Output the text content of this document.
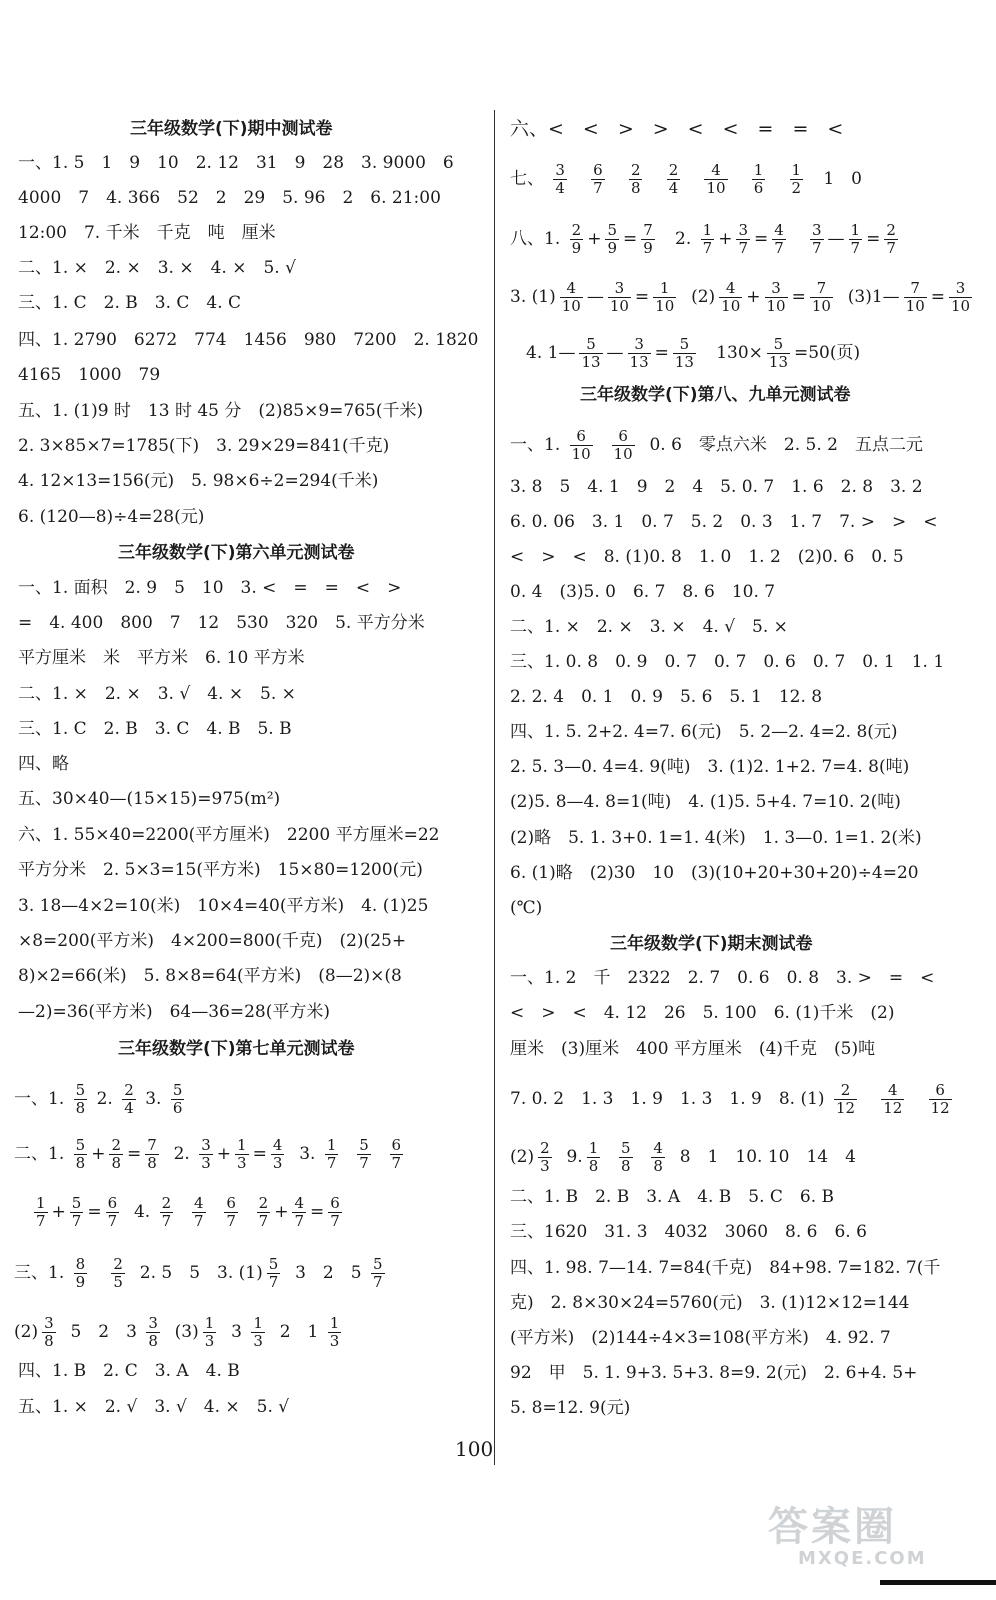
三年级数学(下)期中测试卷
一、1. 5　1　9　10　2. 12　31　9　28　3. 9000　6
4000　7　4. 366　52　2　29　5. 96　2　6. 21:00
12:00　7. 千米　千克　吨　厘米
二、1. ×　2. ×　3. ×　4. ×　5. √
三、1. C　2. B　3. C　4. C
四、1. 2790　6272　774　1456　980　7200　2. 1820
4165　1000　79
五、1. (1)9 时　13 时 45 分　(2)85×9=765(千米)
2. 3×85×7=1785(下)　3. 29×29=841(千克)
4. 12×13=156(元)　5. 98×6÷2=294(千米)
6. (120—8)÷4=28(元)
三年级数学(下)第六单元测试卷
一、1. 面积　2. 9　5　10　3. <　=　=　<　>
=　4. 400　800　7　12　530　320　5. 平方分米
平方厘米　米　平方米　6. 10 平方米
二、1. ×　2. ×　3. √　4. ×　5. ×
三、1. C　2. B　3. C　4. B　5. B
四、略
五、30×40—(15×15)=975(m²)
六、1. 55×40=2200(平方厘米)　2200 平方厘米=22
平方分米　2. 5×3=15(平方米)　15×80=1200(元)
3. 18—4×2=10(米)　10×4=40(平方米)　4. (1)25
×8=200(平方米)　4×200=800(千克)　(2)(25+
8)×2=66(米)　5. 8×8=64(平方米)　(8—2)×(8
—2)=36(平方米)　64—36=28(平方米)
三年级数学(下)第七单元测试卷
一、1. $\frac{5}{8} 2$. $\frac{2}{4} 3$. $\frac{5}{6}$
二、1. $\frac{5}{8} + \frac{2}{8} = \frac{7}{8} 2$. $\frac{3}{3} + \frac{1}{3} = \frac{4}{3} 3$. $\frac{1}{7}$
$\frac{5}{7}$
$\frac{6}{7}$
$\frac{1}{7} + \frac{5}{7} = \frac{6}{7} 4$. $\frac{2}{7}$
$\frac{4}{7}$
$\frac{6}{7}$
$\frac{2}{7} + \frac{4}{7} = \frac{6}{7}$
三、1. $\frac{8}{9}$
$\frac{2}{5} 2$. 5　5　3. $(1) \frac{5}{7} 3$　2　$5 \frac{5}{7}$
$(2) \frac{3}{8} 5$　2　$3 \frac{3}{8} (3) \frac{1}{3} 3 \frac{1}{3} 2$　$1 \frac{1}{3}$
四、1. B　2. C　3. A　4. B
五、1. ×　2. √　3. √　4. ×　5. √
六、<　<　>　>　<　<　=　=　<
七、 $\frac{3}{4}$
$\frac{6}{7}$
$\frac{2}{8}$
$\frac{2}{4}$
$\frac{4}{10}$
$\frac{1}{6}$
$\frac{1}{2} 1$　0
八、1. $\frac{2}{9} + \frac{5}{9} = \frac{7}{9} 2$. $\frac{1}{7} + \frac{3}{7} = \frac{4}{7}$
$\frac{3}{7}$ — $\frac{1}{7} = \frac{2}{7}$
3. $(1) \frac{4}{10}$ — $\frac{3}{10} = \frac{1}{10} (2) \frac{4}{10} + \frac{3}{10} = \frac{7}{10}$ (3)1— $\frac{7}{10} = \frac{3}{10}$
4. 1— $\frac{5}{13}$ — $\frac{3}{13} = \frac{5}{13} 130\times \frac{5}{13} =50$(页)
三年级数学(下)第八、九单元测试卷
一、1. $\frac{6}{10}$
$\frac{6}{10} 0$. 6　零点六米　2. 5. 2　五点二元
3. 8　5　4. 1　9　2　4　5. 0. 7　1. 6　2. 8　3. 2
6. 0. 06　3. 1　0. 7　5. 2　0. 3　1. 7　7. >　>　<
<　>　<　8. (1)0. 8　1. 0　1. 2　(2)0. 6　0. 5
0. 4　(3)5. 0　6. 7　8. 6　10. 7
二、1. ×　2. ×　3. ×　4. √　5. ×
三、1. 0. 8　0. 9　0. 7　0. 7　0. 6　0. 7　0. 1　1. 1
2. 2. 4　0. 1　0. 9　5. 6　5. 1　12. 8
四、1. 5. 2+2. 4=7. 6(元)　5. 2—2. 4=2. 8(元)
2. 5. 3—0. 4=4. 9(吨)　3. (1)2. 1+2. 7=4. 8(吨)
(2)5. 8—4. 8=1(吨)　4. (1)5. 5+4. 7=10. 2(吨)
(2)略　5. 1. 3+0. 1=1. 4(米)　1. 3—0. 1=1. 2(米)
6. (1)略　(2)30　10　(3)(10+20+30+20)÷4=20
(℃)
三年级数学(下)期末测试卷
一、1. 2　千　2322　2. 7　0. 6　0. 8　3. >　=　<
<　>　<　4. 12　26　5. 100　6. (1)千米　(2)
厘米　(3)厘米　400 平方厘米　(4)千克　(5)吨
7. 0. 2　1. 3　1. 9　1. 3　1. 9　8. $(1) \frac{2}{12}$
$\frac{4}{12}$
$\frac{6}{12}$
$(2) \frac{2}{3} 9$. $\frac{1}{8}$
$\frac{5}{8}$
$\frac{4}{8} 8$　1　10. 10　14　4
二、1. B　2. B　3. A　4. B　5. C　6. B
三、1620　31. 3　4032　3060　8. 6　6. 6
四、1. 98. 7—14. 7=84(千克)　84+98. 7=182. 7(千
克)　2. 8×30×24=5760(元)　3. (1)12×12=144
(平方米)　(2)144÷4×3=108(平方米)　4. 92. 7
92　甲　5. 1. 9+3. 5+3. 8=9. 2(元)　2. 6+4. 5+
5. 8=12. 9(元)
100
答案圈
MXQE.COM
